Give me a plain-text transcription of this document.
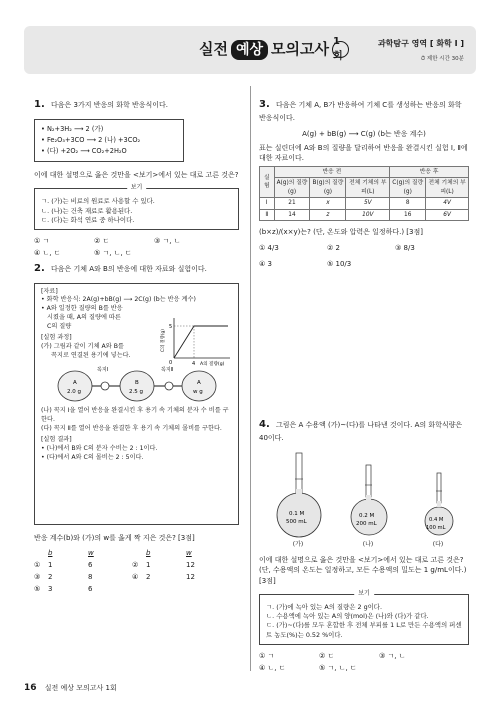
실전 예상 모의고사 1회
과학탐구 영역 [ 화학 I ]
⏱ 제한 시간 30분
1. 다음은 3가지 반응의 화학 반응식이다.
• N₂+3H₂ ⟶ 2 (가)
• Fe₂O₃+3CO ⟶ 2 (나) +3CO₂
• (다) +2O₂ ⟶ CO₂+2H₂O
이에 대한 설명으로 옳은 것만을 <보기>에서 있는 대로 고른 것은?
보기
ㄱ. (가)는 비료의 원료로 사용할 수 있다.
ㄴ. (나)는 건축 재료로 활용된다.
ㄷ. (다)는 화석 연료 중 하나이다.
① ㄱ	② ㄷ	③ ㄱ, ㄴ
④ ㄴ, ㄷ	⑤ ㄱ, ㄴ, ㄷ
2. 다음은 기체 A와 B의 반응에 대한 자료와 실험이다.
[자료]
• 화학 반응식: 2A(g)+bB(g) ⟶ 2C(g) (b는 반응 계수)
• A와 일정한 질량의 B를 반응
시켰을 때, A의 질량에 따른
C의 질량	5
0	4 A의 질량(g)
C의 질량(g)
[실험 과정]
(가) 그림과 같이 기체 A와 B를
꼭지로 연결된 용기에 넣는다.
꼭지Ⅰ	꼭지Ⅱ
A
2.0 g
B
2.5 g
A
w g
(나) 꼭지 Ⅰ을 열어 반응을 완결시킨 후 용기 속 기체의 분자 수 비를 구한다.
(다) 꼭지 Ⅱ를 열어 반응을 완결한 후 용기 속 기체의 몰비를 구한다.
[실험 결과]
• (나)에서 B와 C의 분자 수비는 2 : 1이다.
• (다)에서 A와 C의 몰비는 2 : 5이다.
반응 계수(b)와 (가)의 w를 옳게 짝 지은 것은? [3점]
b	w	b	w
①	1	6	②	1	12
③	2	8	④	2	12
⑤	3	6
3. 다음은 기체 A, B가 반응하여 기체 C를 생성하는 반응의 화학 반응식이다.
A(g) + bB(g) ⟶ C(g) (b는 반응 계수)
표는 실린더에 A와 B의 질량을 달리하여 반응을 완결시킨 실험 Ⅰ, Ⅱ에 대한 자료이다.
실험	반응 전			반응 후	
	A(g)의 질량(g)	B(g)의 질량(g)	전체 기체의 부피(L)	C(g)의 질량(g)	전체 기체의 부피(L)
Ⅰ	21	x	5V	8	4V
Ⅱ	14	z	10V	16	6V
(b×z)/(x×y)는? (단, 온도와 압력은 일정하다.) [3점]
① 4/3	② 2	③ 8/3
④ 3	⑤ 10/3
4. 그림은 A 수용액 (가)~(다)를 나타낸 것이다. A의 화학식량은 40이다.
0.1 M
500 mL
0.2 M
200 mL
0.4 M
100 mL
(가)	(나)	(다)
이에 대한 설명으로 옳은 것만을 <보기>에서 있는 대로 고른 것은? (단, 수용액의 온도는 일정하고, 모든 수용액의 밀도는 1 g/mL이다.) [3점]
보기
ㄱ. (가)에 녹아 있는 A의 질량은 2 g이다.
ㄴ. 수용액에 녹아 있는 A의 양(mol)은 (나)와 (다)가 같다.
ㄷ. (가)~(다)를 모두 혼합한 후 전체 부피를 1 L로 만든 수용액의 퍼센트 농도(%)는 0.52 %이다.
① ㄱ	② ㄷ	③ ㄱ, ㄴ
④ ㄴ, ㄷ	⑤ ㄱ, ㄴ, ㄷ
16 실전 예상 모의고사 1회
